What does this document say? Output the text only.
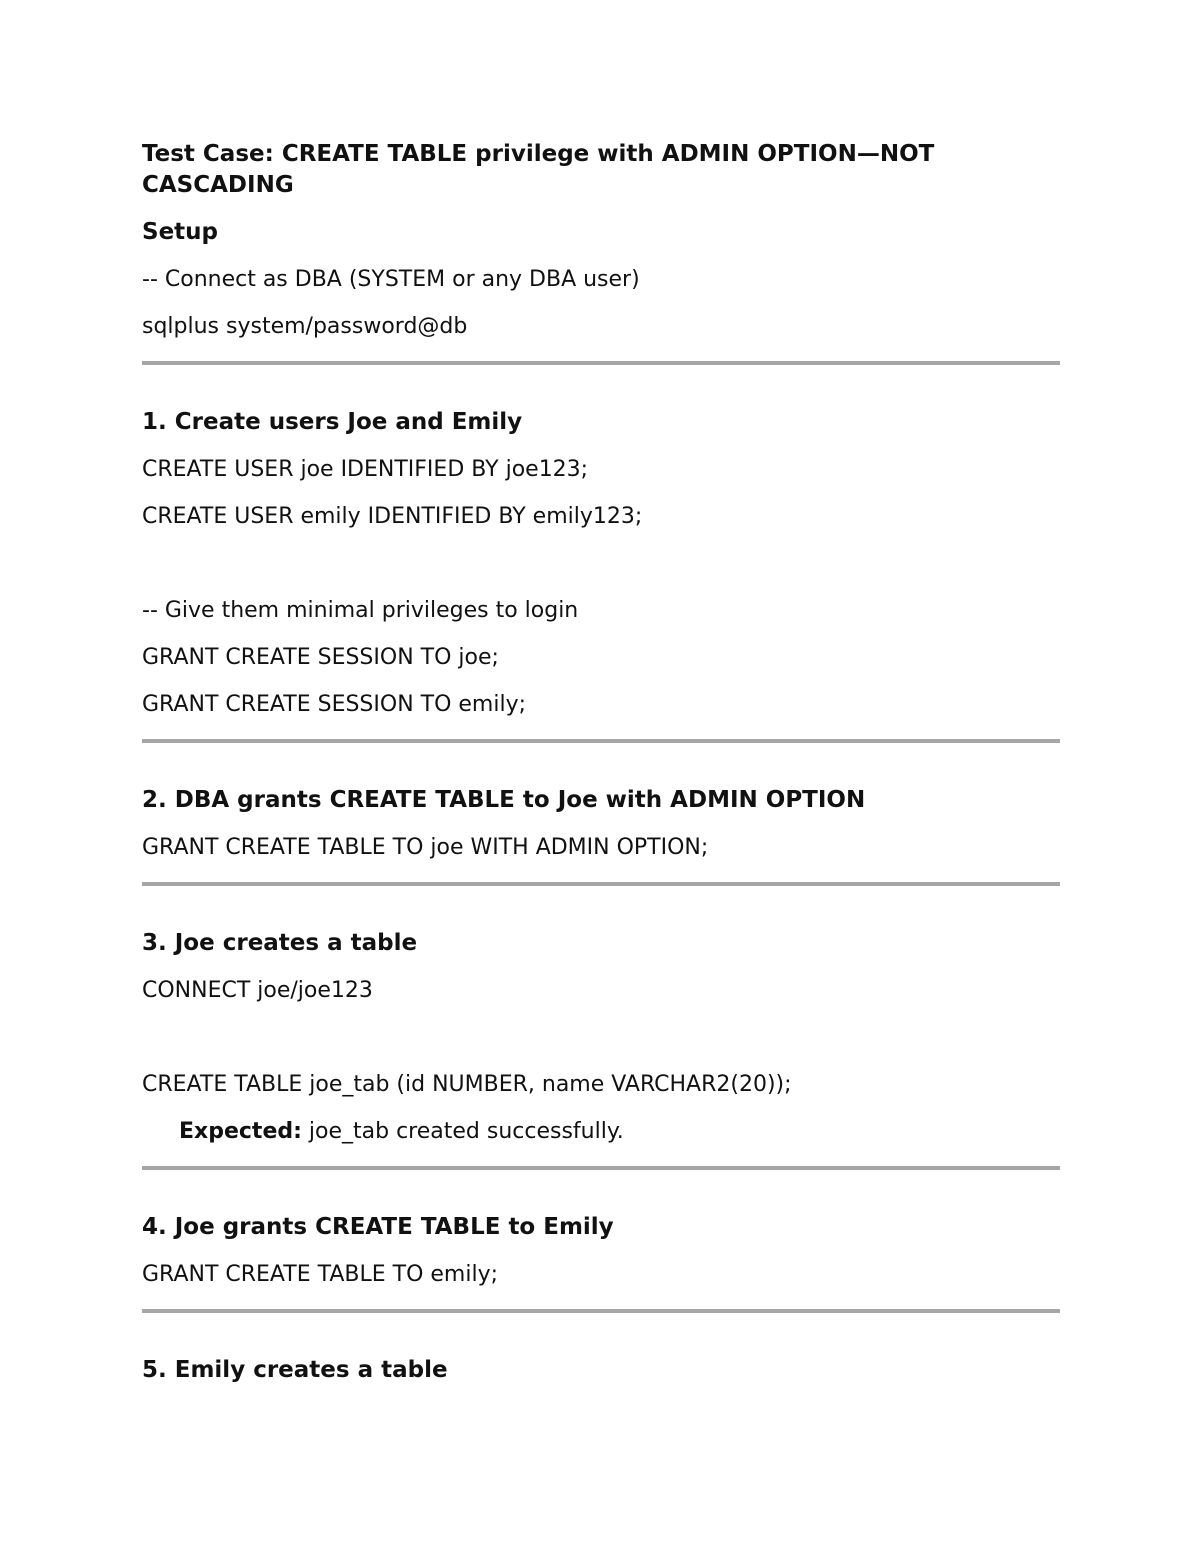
Test Case: CREATE TABLE privilege with ADMIN OPTION—NOT

CASCADING

Setup

-- Connect as DBA (SYSTEM or any DBA user)

sqlplus system/password@db

1. Create users Joe and Emily

CREATE USER joe IDENTIFIED BY joe123;

CREATE USER emily IDENTIFIED BY emily123;

-- Give them minimal privileges to login

GRANT CREATE SESSION TO joe;

GRANT CREATE SESSION TO emily;

2. DBA grants CREATE TABLE to Joe with ADMIN OPTION

GRANT CREATE TABLE TO joe WITH ADMIN OPTION;

3. Joe creates a table

CONNECT joe/joe123

CREATE TABLE joe_tab (id NUMBER, name VARCHAR2(20));

Expected: joe_tab created successfully.

4. Joe grants CREATE TABLE to Emily

GRANT CREATE TABLE TO emily;

5. Emily creates a table
